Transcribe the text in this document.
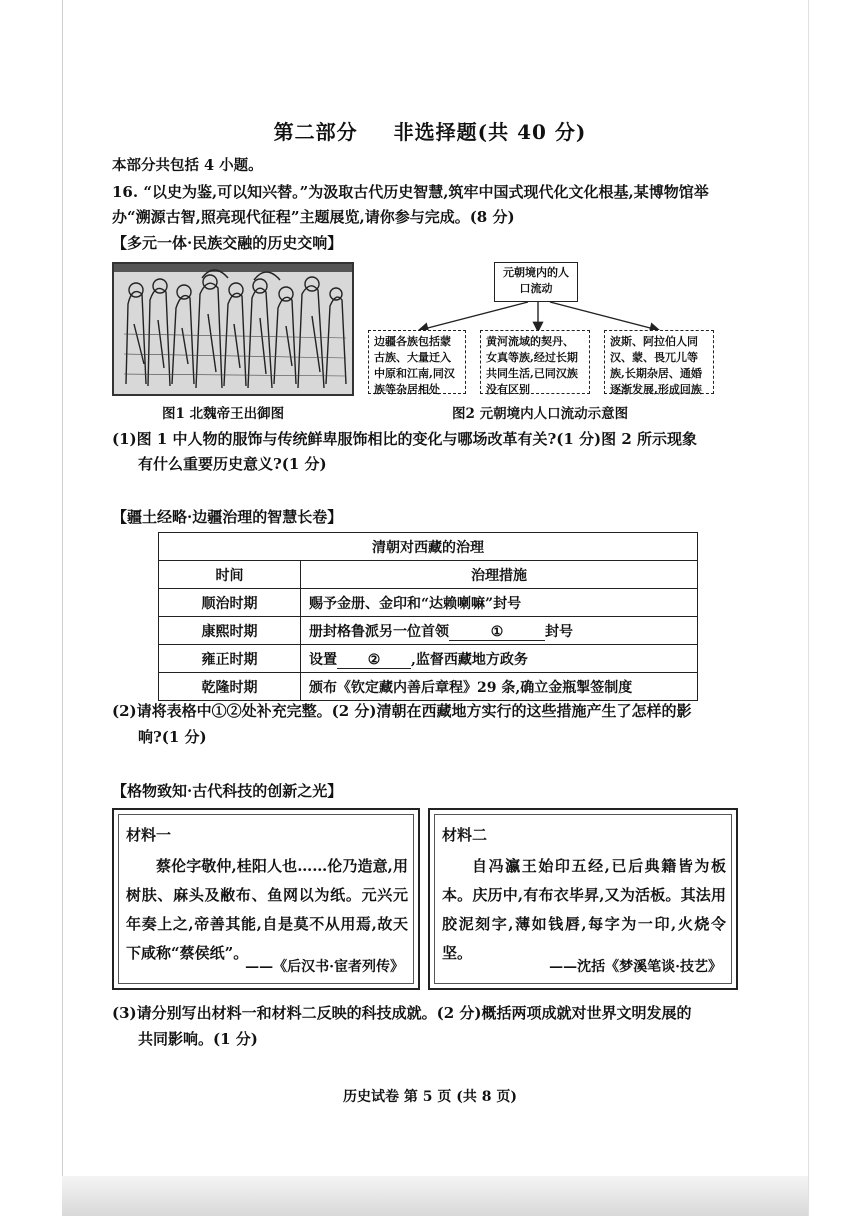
第二部分 非选择题(共 40 分)
本部分共包括 4 小题。
16. “以史为鉴,可以知兴替。”为汲取古代历史智慧,筑牢中国式现代化文化根基,某博物馆举
办“溯源古智,照亮现代征程”主题展览,请你参与完成。(8 分)
【多元一体·民族交融的历史交响】
图1 北魏帝王出御图
元朝境内的人口流动
边疆各族包括蒙古族、大量迁入中原和江南,同汉族等杂居相处
黄河流域的契丹、女真等族,经过长期共同生活,已同汉族没有区别
波斯、阿拉伯人同汉、蒙、畏兀儿等族,长期杂居、通婚逐渐发展,形成回族
图2 元朝境内人口流动示意图
(1)图 1 中人物的服饰与传统鲜卑服饰相比的变化与哪场改革有关?(1 分)图 2 所示现象
有什么重要历史意义?(1 分)
【疆土经略·边疆治理的智慧长卷】
清朝对西藏的治理	
时间	治理措施
顺治时期	赐予金册、金印和“达赖喇嘛”封号
康熙时期	册封格鲁派另一位首领 ① 封号
雍正时期	设置 ② ,监督西藏地方政务
乾隆时期	颁布《钦定藏内善后章程》29 条,确立金瓶掣签制度
(2)请将表格中①②处补充完整。(2 分)清朝在西藏地方实行的这些措施产生了怎样的影
响?(1 分)
【格物致知·古代科技的创新之光】
材料一

蔡伦字敬仲,桂阳人也……伦乃造意,用树肤、麻头及敝布、鱼网以为纸。元兴元年奏上之,帝善其能,自是莫不从用焉,故天下咸称“蔡侯纸”。

——《后汉书·宦者列传》
材料二

自冯瀛王始印五经,已后典籍皆为板本。庆历中,有布衣毕昇,又为活板。其法用胶泥刻字,薄如钱唇,每字为一印,火烧令坚。

——沈括《梦溪笔谈·技艺》
(3)请分别写出材料一和材料二反映的科技成就。(2 分)概括两项成就对世界文明发展的
共同影响。(1 分)
历史试卷 第 5 页 (共 8 页)
